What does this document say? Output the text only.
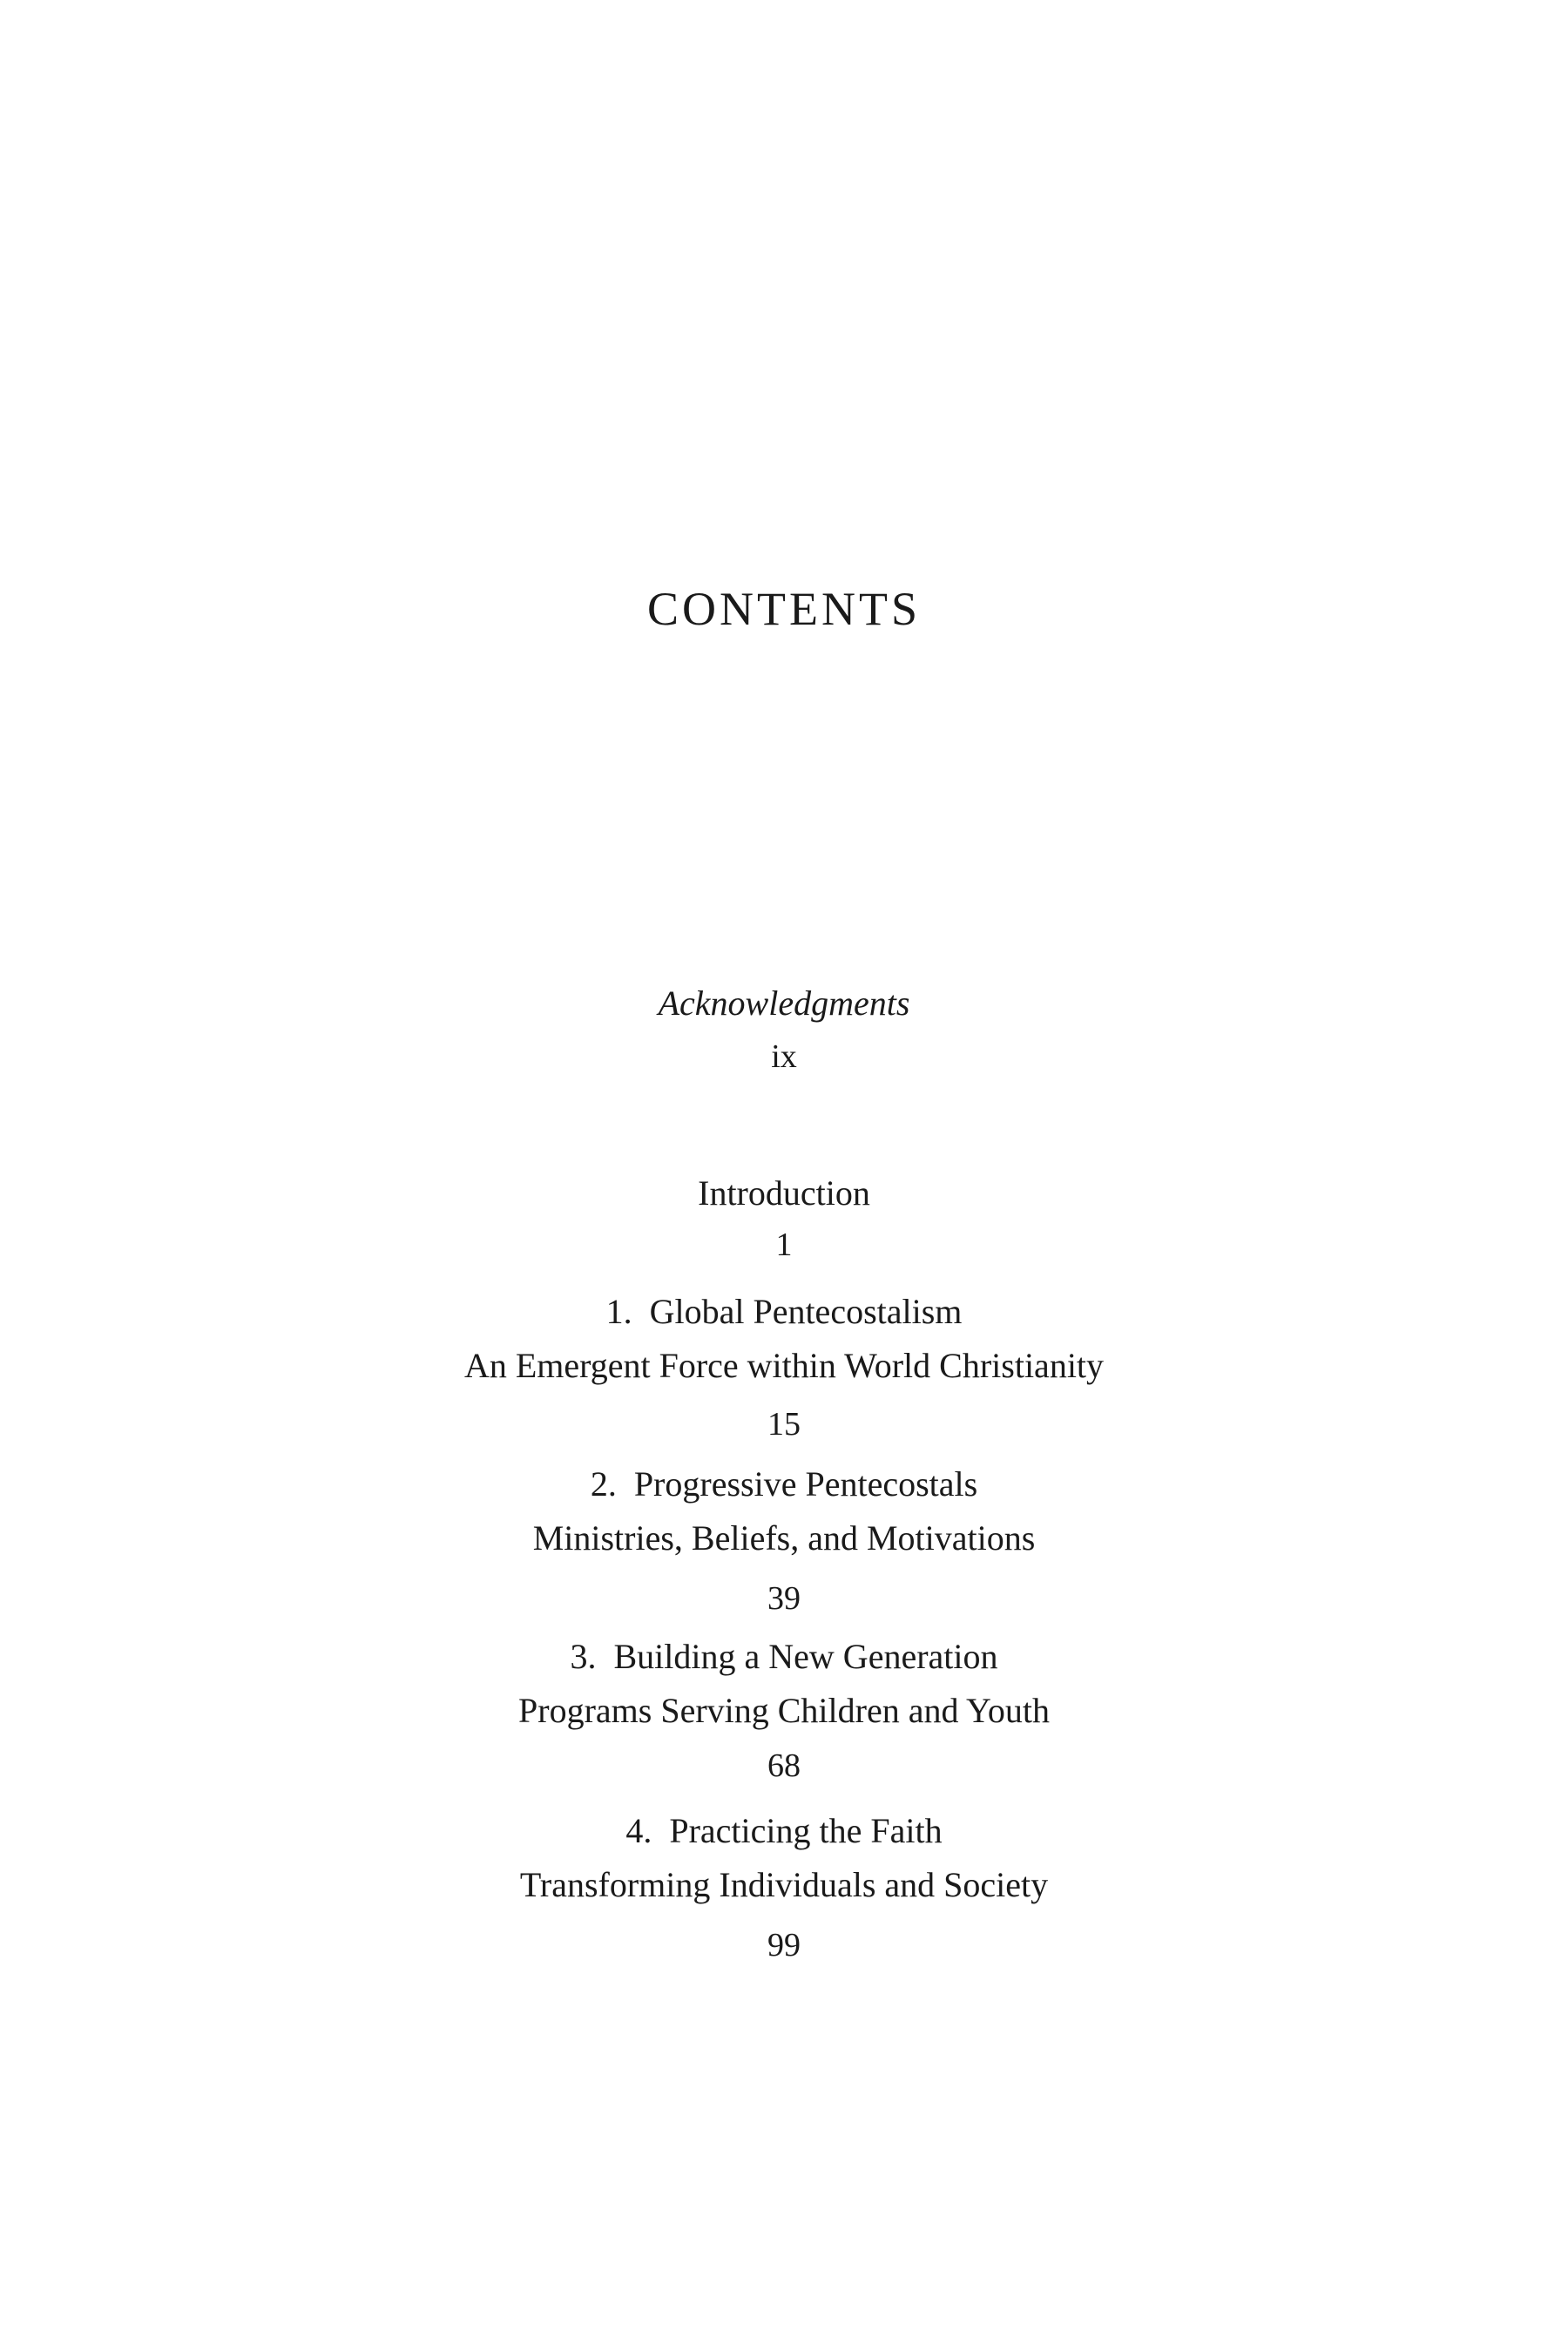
CONTENTS
Acknowledgments
ix
Introduction
1
1. Global Pentecostalism
An Emergent Force within World Christianity
15
2. Progressive Pentecostals
Ministries, Beliefs, and Motivations
39
3. Building a New Generation
Programs Serving Children and Youth
68
4. Practicing the Faith
Transforming Individuals and Society
99
